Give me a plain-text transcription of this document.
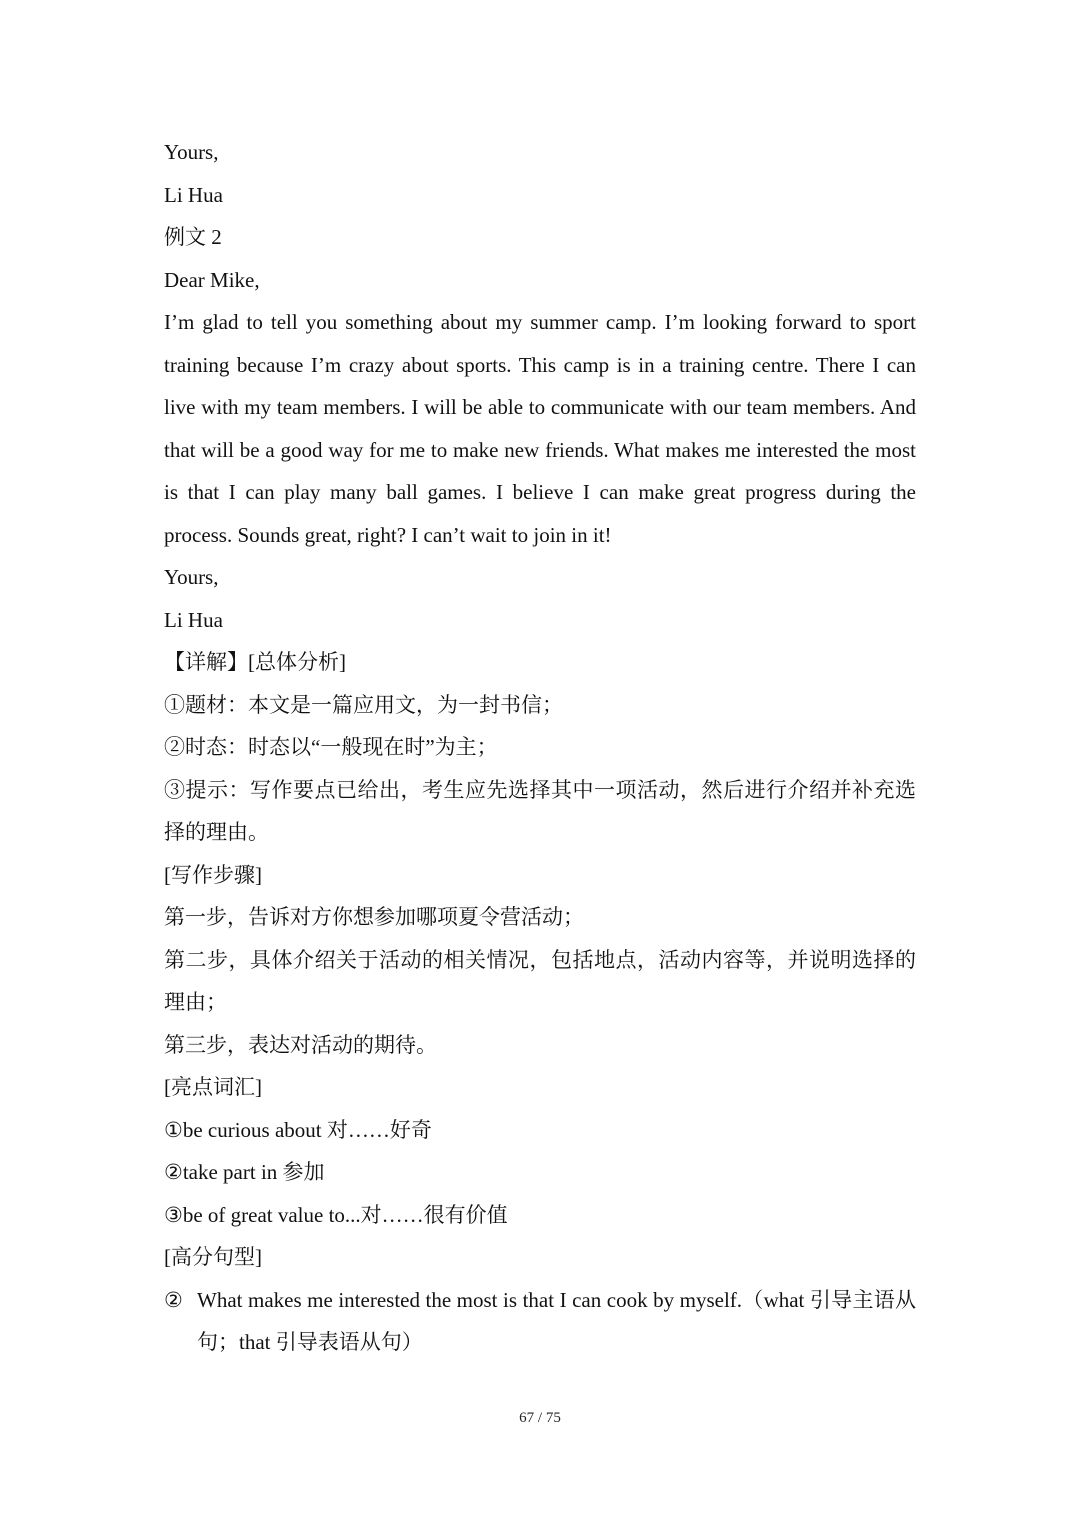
Yours,
Li Hua
例文 2
Dear Mike,
I’m glad to tell you something about my summer camp. I’m looking forward to sport training because I’m crazy about sports. This camp is in a training centre. There I can live with my team members. I will be able to communicate with our team members. And that will be a good way for me to make new friends. What makes me interested the most is that I can play many ball games. I believe I can make great progress during the process. Sounds great, right? I can’t wait to join in it!
Yours,
Li Hua
【详解】[总体分析]
①题材：本文是一篇应用文，为一封书信；
②时态：时态以“一般现在时”为主；
③提示：写作要点已给出，考生应先选择其中一项活动，然后进行介绍并补充选择的理由。
[写作步骤]
第一步，告诉对方你想参加哪项夏令营活动；
第二步，具体介绍关于活动的相关情况，包括地点，活动内容等，并说明选择的理由；
第三步，表达对活动的期待。
[亮点词汇]
①be curious about 对……好奇
②take part in 参加
③be of great value to...对……很有价值
[高分句型]
② What makes me interested the most is that I can cook by myself.（what 引导主语从句；that 引导表语从句）
67 / 75
